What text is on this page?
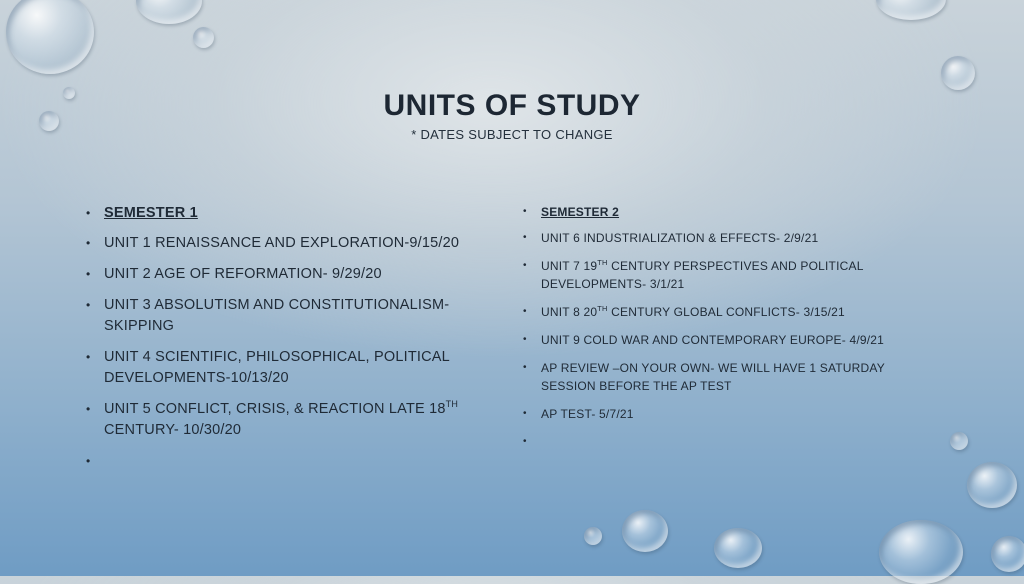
UNITS OF STUDY

* DATES SUBJECT TO CHANGE

• SEMESTER 1
• UNIT 1 RENAISSANCE AND EXPLORATION-9/15/20
• UNIT 2 AGE OF REFORMATION- 9/29/20
• UNIT 3 ABSOLUTISM AND CONSTITUTIONALISM- SKIPPING
• UNIT 4 SCIENTIFIC, PHILOSOPHICAL, POLITICAL DEVELOPMENTS-10/13/20
• UNIT 5 CONFLICT, CRISIS, & REACTION LATE 18TH CENTURY- 10/30/20
•
• SEMESTER 2
• UNIT 6 INDUSTRIALIZATION & EFFECTS- 2/9/21
• UNIT 7 19TH CENTURY PERSPECTIVES AND POLITICAL DEVELOPMENTS- 3/1/21
• UNIT 8 20TH CENTURY GLOBAL CONFLICTS- 3/15/21
• UNIT 9 COLD WAR AND CONTEMPORARY EUROPE- 4/9/21
• AP REVIEW –ON YOUR OWN- WE WILL HAVE 1 SATURDAY SESSION BEFORE THE AP TEST
• AP TEST- 5/7/21
•
